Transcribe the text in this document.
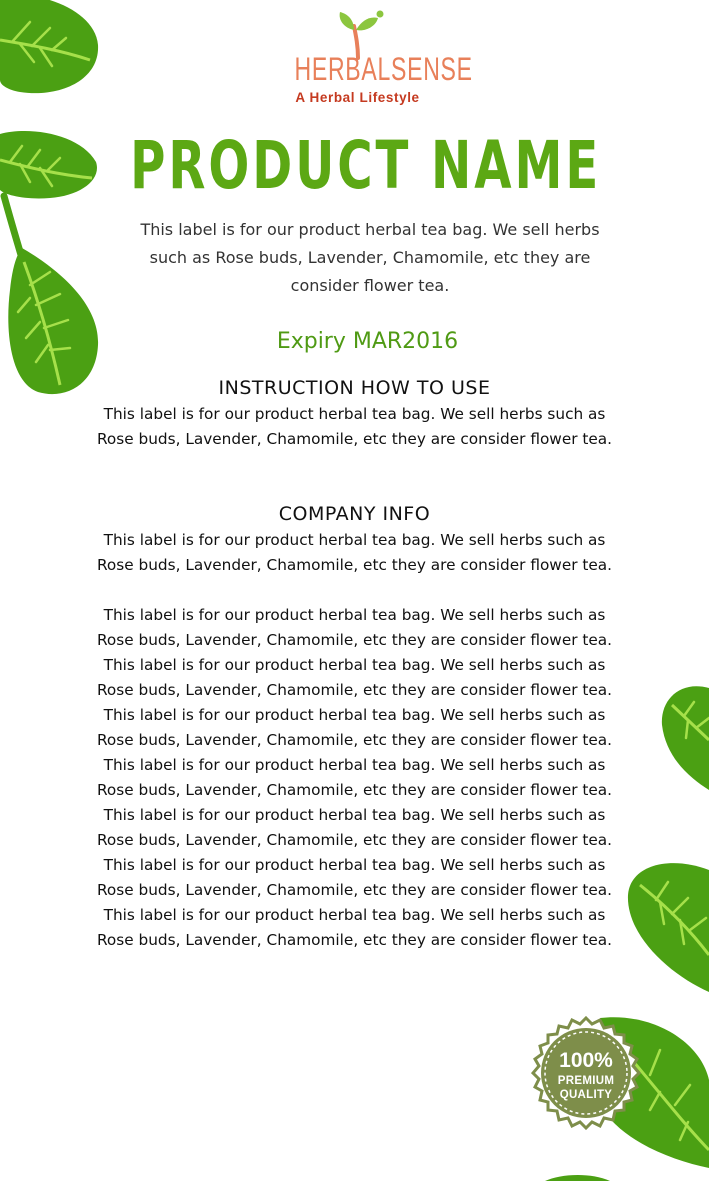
HERBALSENSE
A Herbal Lifestyle
PRODUCT NAME
This label is for our product herbal tea bag. We sell herbs such as Rose buds, Lavender, Chamomile, etc they are consider flower tea.
Expiry MAR2016
INSTRUCTION HOW TO USE

This label is for our product herbal tea bag. We sell herbs such as Rose buds, Lavender, Chamomile, etc they are consider flower tea.

COMPANY INFO

This label is for our product herbal tea bag. We sell herbs such as Rose buds, Lavender, Chamomile, etc they are consider flower tea.

This label is for our product herbal tea bag. We sell herbs such as Rose buds, Lavender, Chamomile, etc they are consider flower tea. This label is for our product herbal tea bag. We sell herbs such as Rose buds, Lavender, Chamomile, etc they are consider flower tea. This label is for our product herbal tea bag. We sell herbs such as Rose buds, Lavender, Chamomile, etc they are consider flower tea. This label is for our product herbal tea bag. We sell herbs such as Rose buds, Lavender, Chamomile, etc they are consider flower tea. This label is for our product herbal tea bag. We sell herbs such as Rose buds, Lavender, Chamomile, etc they are consider flower tea. This label is for our product herbal tea bag. We sell herbs such as Rose buds, Lavender, Chamomile, etc they are consider flower tea. This label is for our product herbal tea bag. We sell herbs such as Rose buds, Lavender, Chamomile, etc they are consider flower tea.

100%
PREMIUM
QUALITY
